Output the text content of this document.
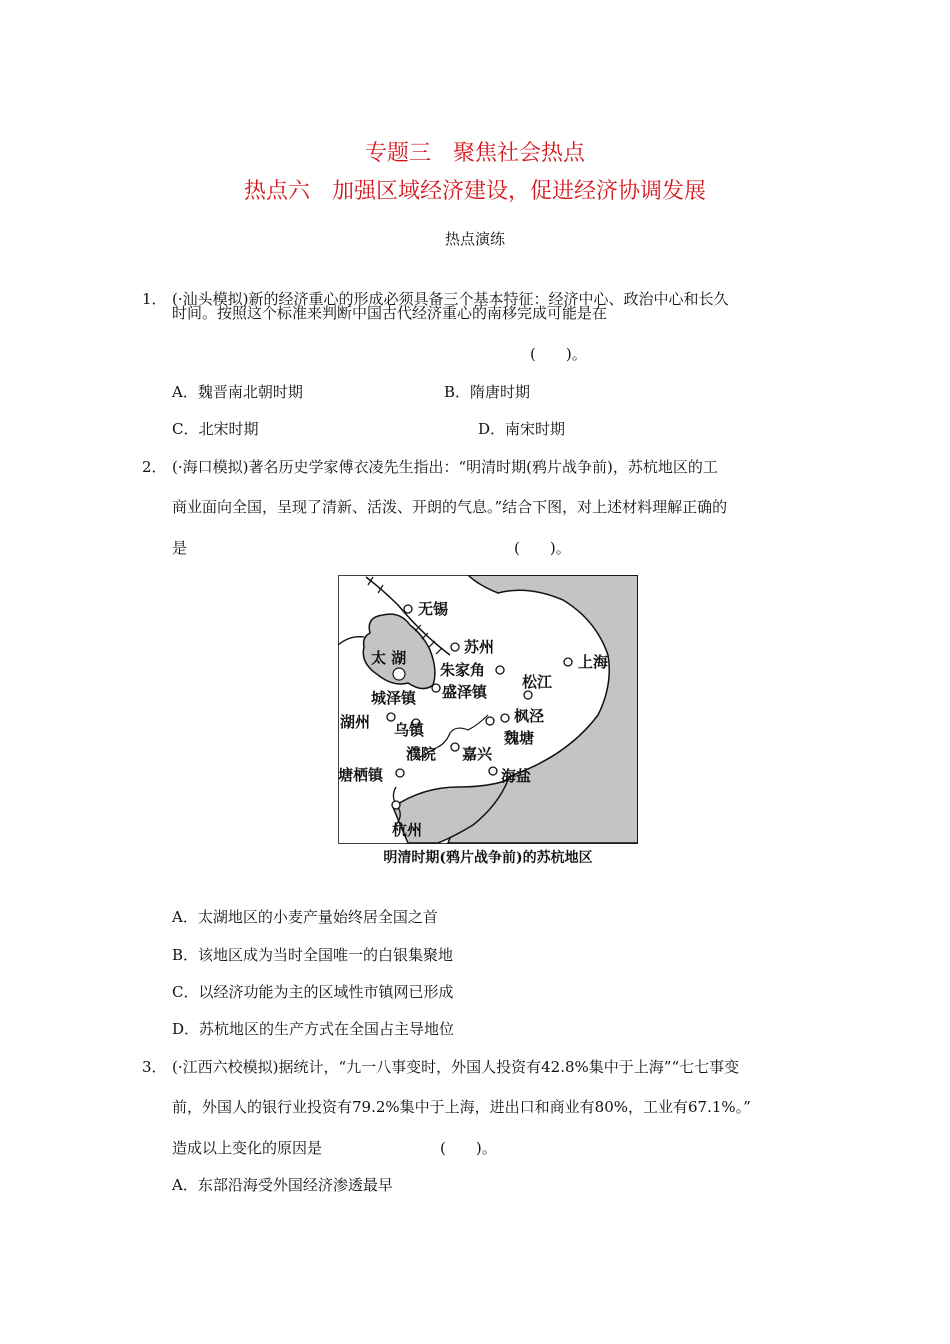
专题三　聚焦社会热点
热点六　加强区域经济建设，促进经济协调发展
热点演练
1． (·汕头模拟)新的经济重心的形成必须具备三个基本特征：经济中心、政治中心和长久
时间。按照这个标准来判断中国古代经济重心的南移完成可能是在
(　　)。
A．魏晋南北朝时期	B．隋唐时期
C．北宋时期	D．南宋时期
2． (·海口模拟)著名历史学家傅衣凌先生指出：“明清时期(鸦片战争前)，苏杭地区的工
商业面向全国，呈现了清新、活泼、开朗的气息。”结合下图，对上述材料理解正确的
是	(　　)。
无锡
太 湖
苏州
朱家角	上海
松江
城泽镇 盛泽镇
湖州 乌镇
枫泾
魏塘
濮院 嘉兴
海盐
塘栖镇
杭州
明清时期(鸦片战争前)的苏杭地区
A．太湖地区的小麦产量始终居全国之首
B．该地区成为当时全国唯一的白银集聚地
C．以经济功能为主的区域性市镇网已形成
D．苏杭地区的生产方式在全国占主导地位
3． (·江西六校模拟)据统计，“九一八事变时，外国人投资有42.8%集中于上海”“七七事变
前，外国人的银行业投资有79.2%集中于上海，进出口和商业有80%，工业有67.1%。”
造成以上变化的原因是	(　　)。
A．东部沿海受外国经济渗透最早
